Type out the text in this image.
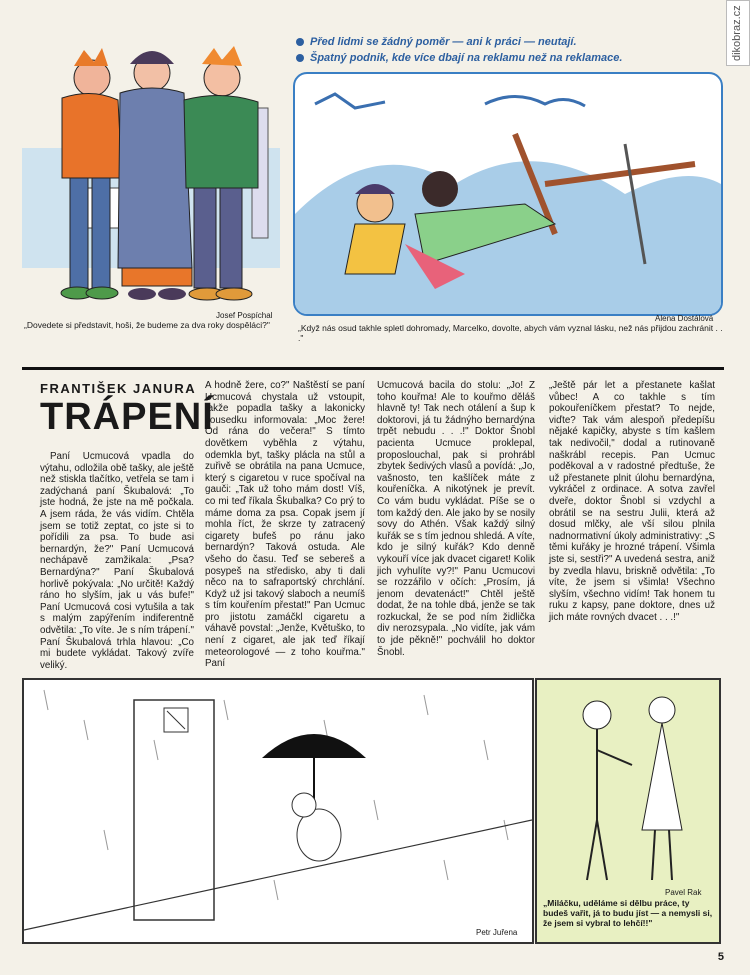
dikobraz.cz
Před lidmi se žádný poměr — ani k práci — neutají.
Špatný podnik, kde více dbají na reklamu než na reklamace.
Josef Pospíchal
„Dovedete si představit, hoši, že budeme za dva roky dospěláci?"
Alena Dostálová
„Když nás osud takhle spletl dohromady, Marcelko, dovolte, abych vám vyznal lásku, než nás přijdou zachránit . . ."
FRANTIŠEK JANURA
TRÁPENÍ

Paní Ucmucová vpadla do výtahu, odložila obě tašky, ale ještě než stiskla tlačítko, vetřela se tam i zadýchaná paní Škubalová: „To jste hodná, že jste na mě počkala. A jsem ráda, že vás vidím. Chtěla jsem se totiž zeptat, co jste si to pořídili za psa. To bude asi bernardýn, že?" Paní Ucmucová nechápavě zamžikala: „Psa? Bernardýna?" Paní Škubalová horlivě pokývala: „No určitě! Každý ráno ho slyším, jak u vás bufe!" Paní Ucmucová cosi vytušila a tak s malým zapýřením indiferentně odvětila: „To víte. Je s ním trápení." Paní Škubalová trhla hlavou: „Co mi budete vykládat. Takový zvíře veliký.

A hodně žere, co?" Naštěstí se paní Ucmucová chystala už vstoupit, takže popadla tašky a lakonicky sousedku informovala: „Moc žere! Od rána do večera!" S tímto dovětkem vyběhla z výtahu, odemkla byt, tašky plácla na stůl a zuřivě se obrátila na pana Ucmuce, který s cigaretou v ruce spočíval na gauči: „Tak už toho mám dost! Víš, co mi teď říkala Škubalka? Co prý to máme doma za psa. Copak jsem jí mohla říct, že skrze ty zatracený cigarety bufeš po ránu jako bernardýn? Taková ostuda. Ale všeho do času. Teď se sebereš a posypeš na středisko, aby ti dali něco na to safraportský chrchlání. Když už jsi takový slaboch a neumíš s tím kouřením přestat!" Pan Ucmuc pro jistotu zamáčkl cigaretu a váhavě povstal: „Jenže, Květuško, to není z cigaret, ale jak teď říkají meteorologové — z toho kouřma." Paní

Ucmucová bacila do stolu: „Jo! Z toho kouřma! Ale to kouřmo děláš hlavně ty! Tak nech otálení a šup k doktorovi, já tu žádnýho bernardýna trpět nebudu . . .!" Doktor Šnobl pacienta Ucmuce proklepal, proposlouchal, pak si prohrábl zbytek šedivých vlasů a povídá: „Jo, vašnosto, ten kašlíček máte z kouřeníčka. A nikotýnek je prevít. Co vám budu vykládat. Píše se o tom každý den. Ale jako by se nosily sovy do Athén. Však každý silný kuřák se s tím jednou shledá. A víte, kdo je silný kuřák? Kdo denně vykouří více jak dvacet cigaret! Kolik jich vyhulíte vy?!" Panu Ucmucovi se rozzářilo v očích: „Prosím, já jenom devatenáct!" Chtěl ještě dodat, že na tohle dbá, jenže se tak rozkuckal, že se pod ním židlička div nerozsypala. „No vidíte, jak vám to jde pěkně!" pochválil ho doktor Šnobl.

„Ještě pár let a přestanete kašlat vůbec! A co takhle s tím pokouřeníčkem přestat? To nejde, viďte? Tak vám alespoň předepíšu nějaké kapičky, abyste s tím kašlem tak nedivočil," dodal a rutinovaně naškrábl recepis. Pan Ucmuc poděkoval a v radostné předtuše, že už přestanete plnit úlohu bernardýna, vykráčel z ordinace. A sotva zavřel dveře, doktor Šnobl si vzdychl a obrátil se na sestru Julii, která až dosud mlčky, ale vší silou plnila nadnormativní úkoly administrativy: „S těmi kuřáky je hrozné trápení. Všimla jste si, sestři?" A uvedená sestra, aniž by zvedla hlavu, briskně odvětila: „To víte, že jsem si všimla! Všechno slyším, všechno vidím! Tak honem tu ruku z kapsy, pane doktore, dnes už jich máte rovných dvacet . . .!"

Petr Juřena
Pavel Rak
„Miláčku, uděláme si dělbu práce, ty budeš vařit, já to budu jíst — a nemysli si, že jsem si vybral to lehčí!!"
5
